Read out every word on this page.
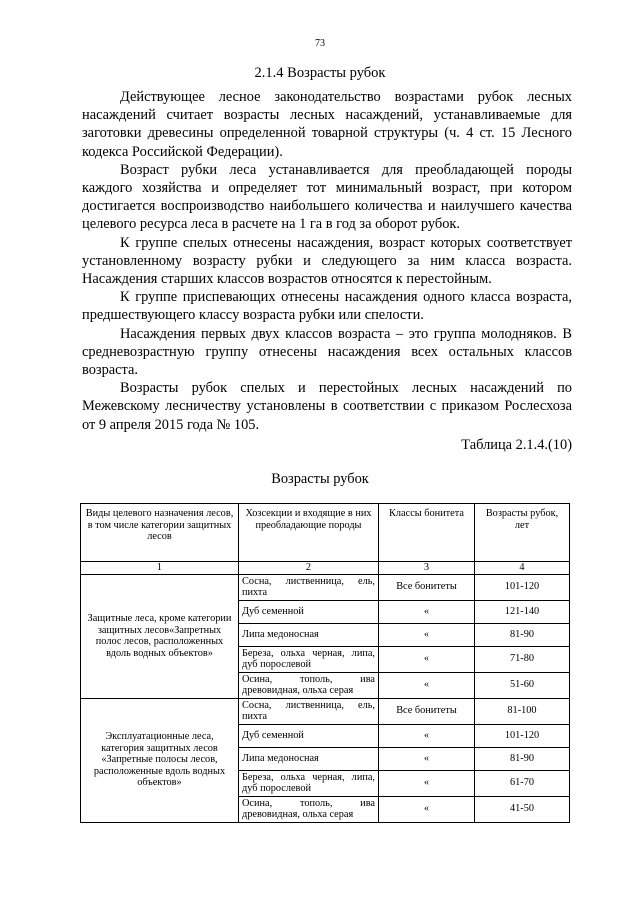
73
2.1.4 Возрасты рубок

Действующее лесное законодательство возрастами рубок лесных насаждений считает возрасты лесных насаждений, устанавливаемые для заготовки древесины определенной товарной структуры (ч. 4 ст. 15 Лесного кодекса Российской Федерации).

Возраст рубки леса устанавливается для преобладающей породы каждого хозяйства и определяет тот минимальный возраст, при котором достигается воспроизводство наибольшего количества и наилучшего качества целевого ресурса леса в расчете на 1 га в год за оборот рубок.

К группе спелых отнесены насаждения, возраст которых соответствует установленному возрасту рубки и следующего за ним класса возраста. Насаждения старших классов возрастов относятся к перестойным.

К группе приспевающих отнесены насаждения одного класса возраста, предшествующего классу возраста рубки или спелости.

Насаждения первых двух классов возраста – это группа молодняков. В средневозрастную группу отнесены насаждения всех остальных классов возраста.

Возрасты рубок спелых и перестойных лесных насаждений по Межевскому лесничеству установлены в соответствии с приказом Рослесхоза от 9 апреля 2015 года № 105.

Таблица 2.1.4.(10)
Возрасты рубок
Виды целевого назначения лесов, в том числе категории защитных лесов	Хозсекции и входящие в них преобладающие породы	Классы бонитета	Возрасты рубок, лет
1	2	3	4
Защитные леса, кроме категории защитных лесов«Запретных полос лесов, расположенных вдоль водных объектов»	Сосна, лиственница, ель, пихта	Все бонитеты	101-120
	Дуб семенной	«	121-140
	Липа медоносная	«	81-90
	Береза, ольха черная, липа, дуб порослевой	«	71-80
	Осина, тополь, ива древовидная, ольха серая	«	51-60
Эксплуатационные леса, категория защитных лесов «Запретные полосы лесов, расположенные вдоль водных объектов»	Сосна, лиственница, ель, пихта	Все бонитеты	81-100
	Дуб семенной	«	101-120
	Липа медоносная	«	81-90
	Береза, ольха черная, липа, дуб порослевой	«	61-70
	Осина, тополь, ива древовидная, ольха серая	«	41-50
